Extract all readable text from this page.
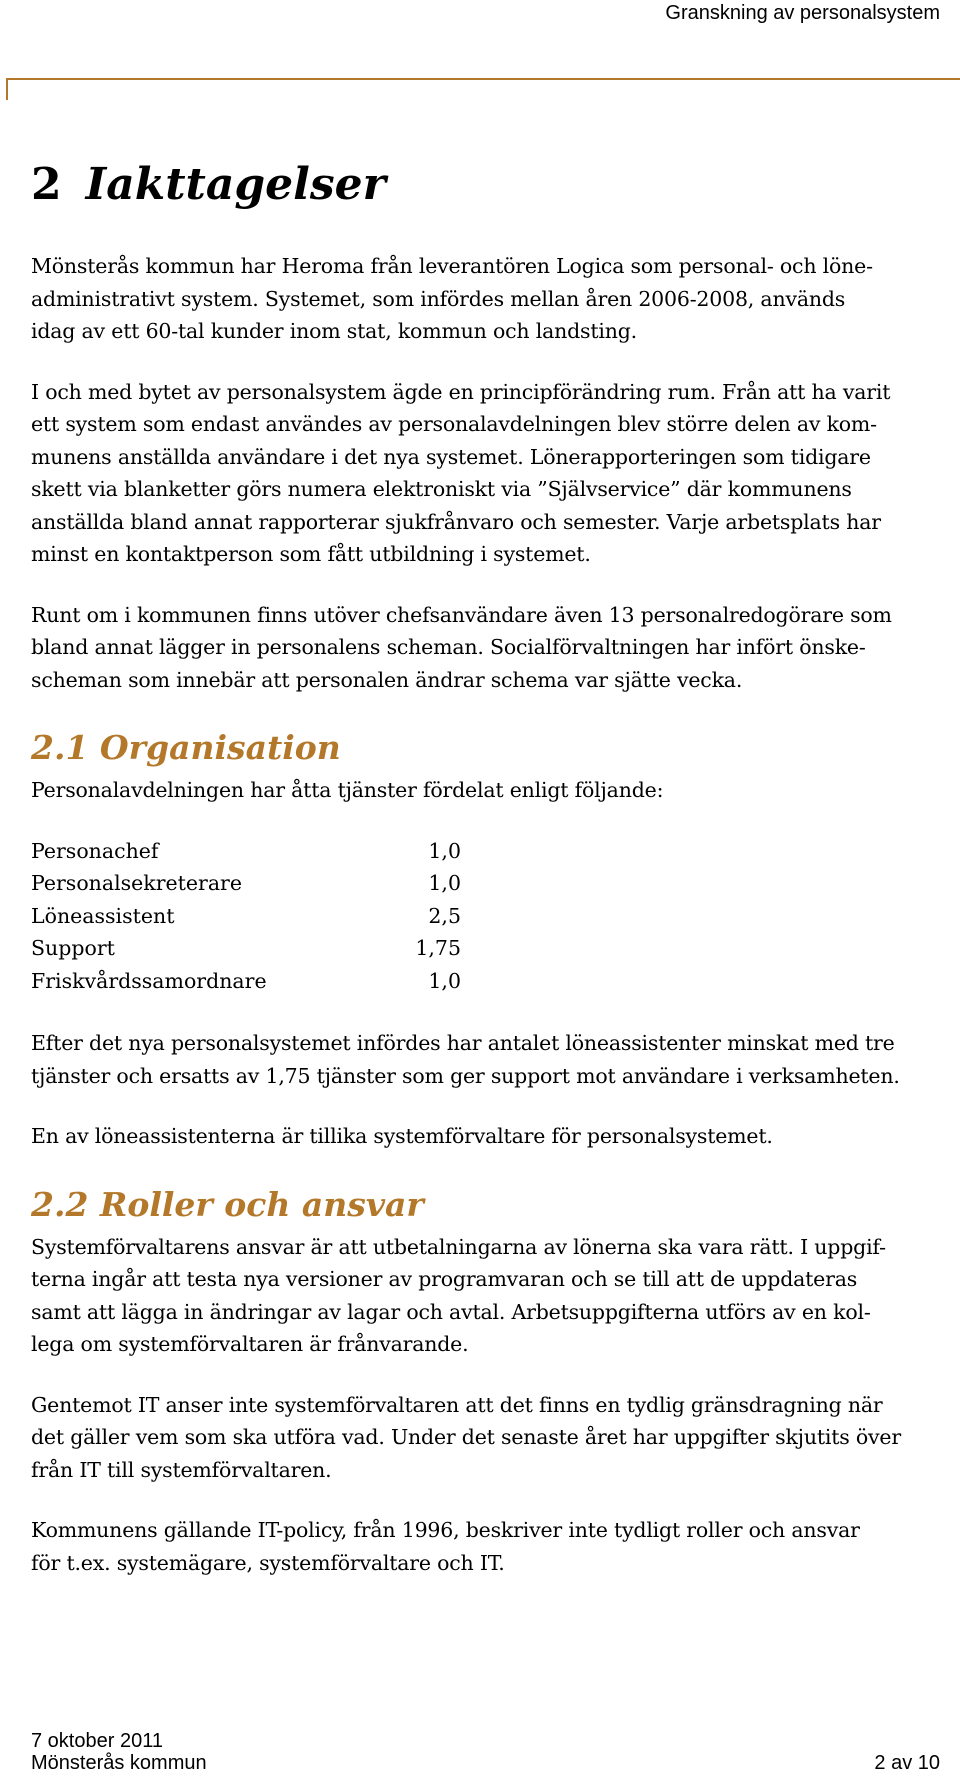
Granskning av personalsystem
2 Iakttagelser

Mönsterås kommun har Heroma från leverantören Logica som personal- och löne-
administrativt system. Systemet, som infördes mellan åren 2006-2008, används
idag av ett 60-tal kunder inom stat, kommun och landsting.

I och med bytet av personalsystem ägde en principförändring rum. Från att ha varit
ett system som endast användes av personalavdelningen blev större delen av kom-
munens anställda användare i det nya systemet. Lönerapporteringen som tidigare
skett via blanketter görs numera elektroniskt via ”Självservice” där kommunens
anställda bland annat rapporterar sjukfrånvaro och semester. Varje arbetsplats har
minst en kontaktperson som fått utbildning i systemet.

Runt om i kommunen finns utöver chefsanvändare även 13 personalredogörare som
bland annat lägger in personalens scheman. Socialförvaltningen har infört önske-
scheman som innebär att personalen ändrar schema var sjätte vecka.

2.1 Organisation

Personalavdelningen har åtta tjänster fördelat enligt följande:

Personachef	1,0
Personalsekreterare	1,0
Löneassistent	2,5
Support	1,75
Friskvårdssamordnare	1,0

Efter det nya personalsystemet infördes har antalet löneassistenter minskat med tre
tjänster och ersatts av 1,75 tjänster som ger support mot användare i verksamheten.

En av löneassistenterna är tillika systemförvaltare för personalsystemet.

2.2 Roller och ansvar

Systemförvaltarens ansvar är att utbetalningarna av lönerna ska vara rätt. I uppgif-
terna ingår att testa nya versioner av programvaran och se till att de uppdateras
samt att lägga in ändringar av lagar och avtal. Arbetsuppgifterna utförs av en kol-
lega om systemförvaltaren är frånvarande.

Gentemot IT anser inte systemförvaltaren att det finns en tydlig gränsdragning när
det gäller vem som ska utföra vad. Under det senaste året har uppgifter skjutits över
från IT till systemförvaltaren.

Kommunens gällande IT-policy, från 1996, beskriver inte tydligt roller och ansvar
för t.ex. systemägare, systemförvaltare och IT.

7 oktober 2011
Mönsterås kommun	2 av 10
